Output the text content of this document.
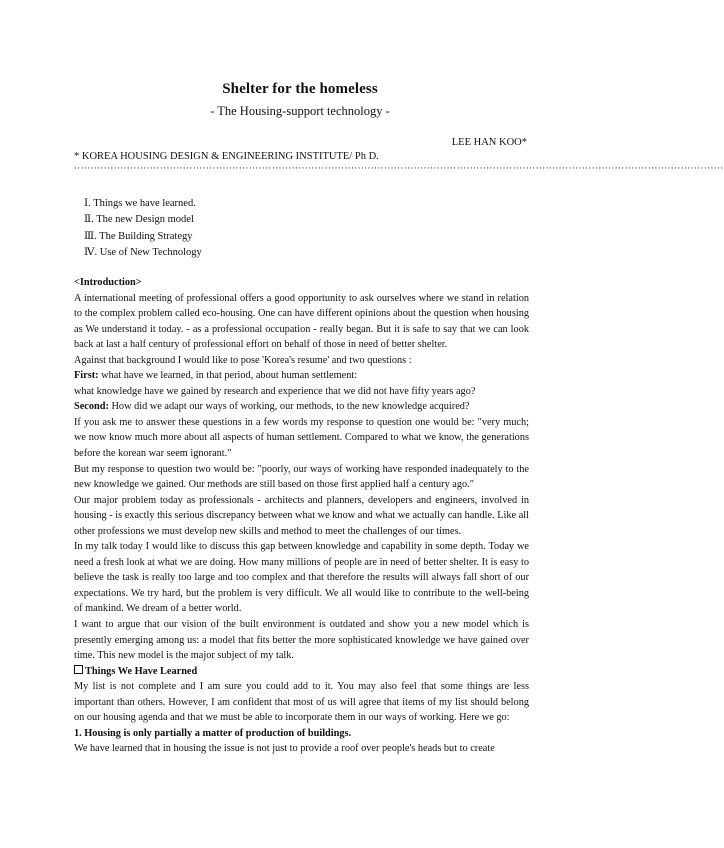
Shelter for the homeless
- The Housing-support technology -
LEE HAN KOO*
* KOREA HOUSING DESIGN & ENGINEERING INSTITUTE/ Ph D.
·····································································································································································································
Ⅰ. Things we have learned.
Ⅱ. The new Design model
Ⅲ. The Building Strategy
Ⅳ. Use of New Technology

<Introduction>

A international meeting of professional offers a good opportunity to ask ourselves where we stand in relation to the complex problem called eco-housing. One can have different opinions about the question when housing as We understand it today. - as a professional occupation - really began. But it is safe to say that we can look back at last a half century of professional effort on behalf of those in need of better shelter.

Against that background I would like to pose 'Korea's resume' and two questions :

First: what have we learned, in that period, about human settlement:

what knowledge have we gained by research and experience that we did not have fifty years ago?

Second: How did we adapt our ways of working, our methods, to the new knowledge acquired?

If you ask me to answer these questions in a few words my response to question one would be: "very much; we now know much more about all aspects of human settlement. Compared to what we know, the generations before the korean war seem ignorant."

But my response to question two would be: "poorly, our ways of working have responded inadequately to the new knowledge we gained. Our methods are still based on those first applied half a century ago."

Our major problem today as professionals - architects and planners, developers and engineers, involved in housing - is exactly this serious discrepancy between what we know and what we actually can handle. Like all other professions we must develop new skills and method to meet the challenges of our times.

In my talk today I would like to discuss this gap between knowledge and capability in some depth. Today we need a fresh look at what we are doing. How many millions of people are in need of better shelter. It is easy to believe the task is really too large and too complex and that therefore the results will always fall short of our expectations. We try hard, but the problem is very difficult. We all would like to contribute to the well-being of mankind. We dream of a better world.

I want to argue that our vision of the built environment is outdated and show you a new model which is presently emerging among us: a model that fits better the more sophisticated knowledge we have gained over time. This new model is the major subject of my talk.

Things We Have Learned

My list is not complete and I am sure you could add to it. You may also feel that some things are less important than others. However, I am confident that most of us will agree that items of my list should belong on our housing agenda and that we must be able to incorporate them in our ways of working. Here we go:

1. Housing is only partially a matter of production of buildings.

We have learned that in housing the issue is not just to provide a roof over people's heads but to create
